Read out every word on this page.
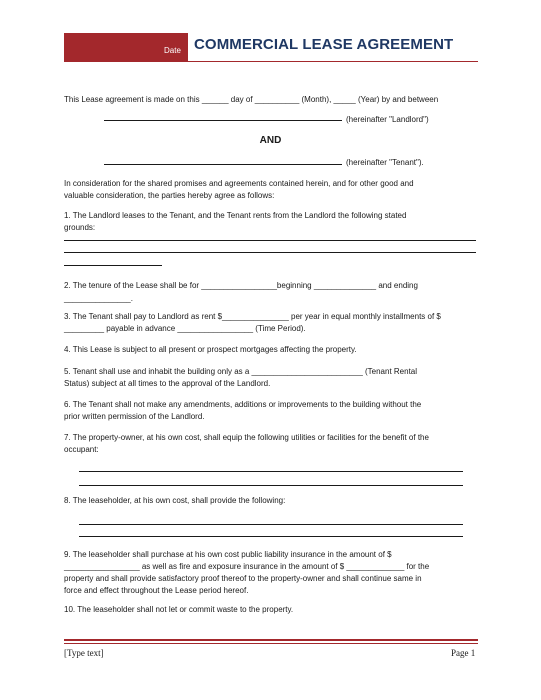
Date COMMERCIAL LEASE AGREEMENT
This Lease agreement is made on this ______ day of __________ (Month), _____ (Year) by and between
(hereinafter "Landlord")
AND
(hereinafter "Tenant").
In consideration for the shared promises and agreements contained herein, and for other good and
valuable consideration, the parties hereby agree as follows:
1. The Landlord leases to the Tenant, and the Tenant rents from the Landlord the following stated
grounds:
2. The tenure of the Lease shall be for _________________beginning ______________ and ending
_______________.
3. The Tenant shall pay to Landlord as rent $_______________ per year in equal monthly installments of $
_________ payable in advance _________________ (Time Period).
4. This Lease is subject to all present or prospect mortgages affecting the property.
5. Tenant shall use and inhabit the building only as a _________________________ (Tenant Rental
Status) subject at all times to the approval of the Landlord.
6. The Tenant shall not make any amendments, additions or improvements to the building without the
prior written permission of the Landlord.
7. The property-owner, at his own cost, shall equip the following utilities or facilities for the benefit of the
occupant:
8. The leaseholder, at his own cost, shall provide the following:
9. The leaseholder shall purchase at his own cost public liability insurance in the amount of $
_________________ as well as fire and exposure insurance in the amount of $ _____________ for the
property and shall provide satisfactory proof thereof to the property-owner and shall continue same in
force and effect throughout the Lease period hereof.
10. The leaseholder shall not let or commit waste to the property.
[Type text]	Page 1
